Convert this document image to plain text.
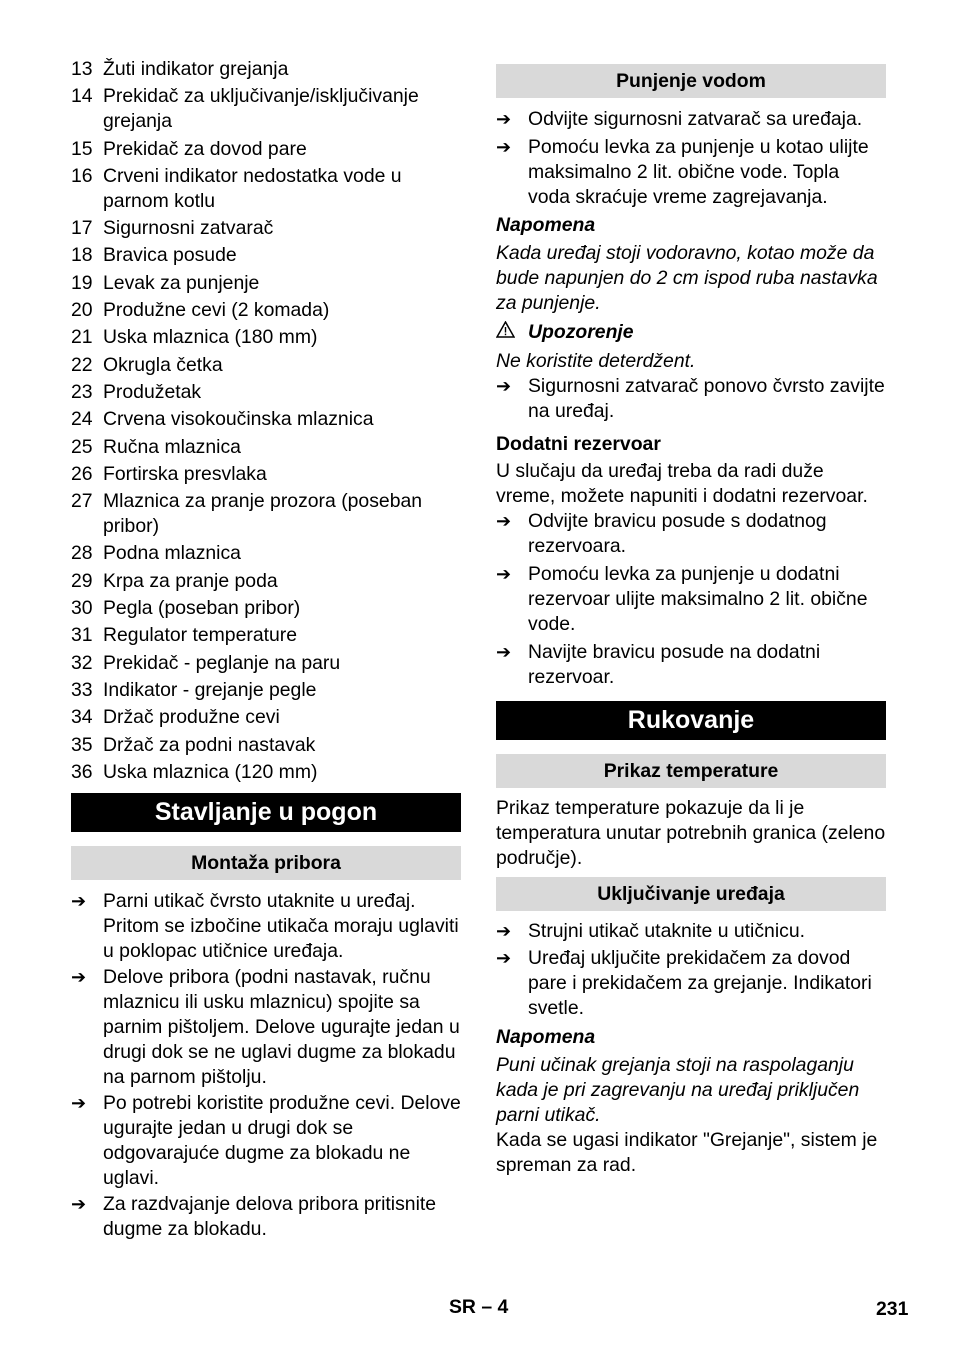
13 Žuti indikator grejanja
14 Prekidač za uključivanje/isključivanje grejanja
15 Prekidač za dovod pare
16 Crveni indikator nedostatka vode u parnom kotlu
17 Sigurnosni zatvarač
18 Bravica posude
19 Levak za punjenje
20 Produžne cevi (2 komada)
21 Uska mlaznica (180 mm)
22 Okrugla četka
23 Produžetak
24 Crvena visokoučinska mlaznica
25 Ručna mlaznica
26 Fortirska presvlaka
27 Mlaznica za pranje prozora (poseban pribor)
28 Podna mlaznica
29 Krpa za pranje poda
30 Pegla (poseban pribor)
31 Regulator temperature
32 Prekidač - peglanje na paru
33 Indikator - grejanje pegle
34 Držač produžne cevi
35 Držač za podni nastavak
36 Uska mlaznica (120 mm)
Stavljanje u pogon
Montaža pribora
➔ Parni utikač čvrsto utaknite u uređaj. Pritom se izbočine utikača moraju uglaviti u poklopac utičnice uređaja.
➔ Delove pribora (podni nastavak, ručnu mlaznicu ili usku mlaznicu) spojite sa parnim pištoljem. Delove ugurajte jedan u drugi dok se ne uglavi dugme za blokadu na parnom pištolju.
➔ Po potrebi koristite produžne cevi. Delove ugurajte jedan u drugi dok se odgovarajuće dugme za blokadu ne uglavi.
➔ Za razdvajanje delova pribora pritisnite dugme za blokadu.
Punjenje vodom
➔ Odvijte sigurnosni zatvarač sa uređaja.
➔ Pomoću levka za punjenje u kotao ulijte maksimalno 2 lit. obične vode. Topla voda skraćuje vreme zagrejavanja.
Napomena
Kada uređaj stoji vodoravno, kotao može da bude napunjen do 2 cm ispod ruba nastavka za punjenje.
Upozorenje
Ne koristite deterdžent.
➔ Sigurnosni zatvarač ponovo čvrsto zavijte na uređaj.
Dodatni rezervoar
U slučaju da uređaj treba da radi duže vreme, možete napuniti i dodatni rezervoar.
➔ Odvijte bravicu posude s dodatnog rezervoara.
➔ Pomoću levka za punjenje u dodatni rezervoar ulijte maksimalno 2 lit. obične vode.
➔ Navijte bravicu posude na dodatni rezervoar.
Rukovanje
Prikaz temperature
Prikaz temperature pokazuje da li je temperatura unutar potrebnih granica (zeleno područje).
Uključivanje uređaja
➔ Strujni utikač utaknite u utičnicu.
➔ Uređaj uključite prekidačem za dovod pare i prekidačem za grejanje. Indikatori svetle.
Napomena
Puni učinak grejanja stoji na raspolaganju kada je pri zagrevanju na uređaj priključen parni utikač.
Kada se ugasi indikator "Grejanje", sistem je spreman za rad.
SR – 4	231
